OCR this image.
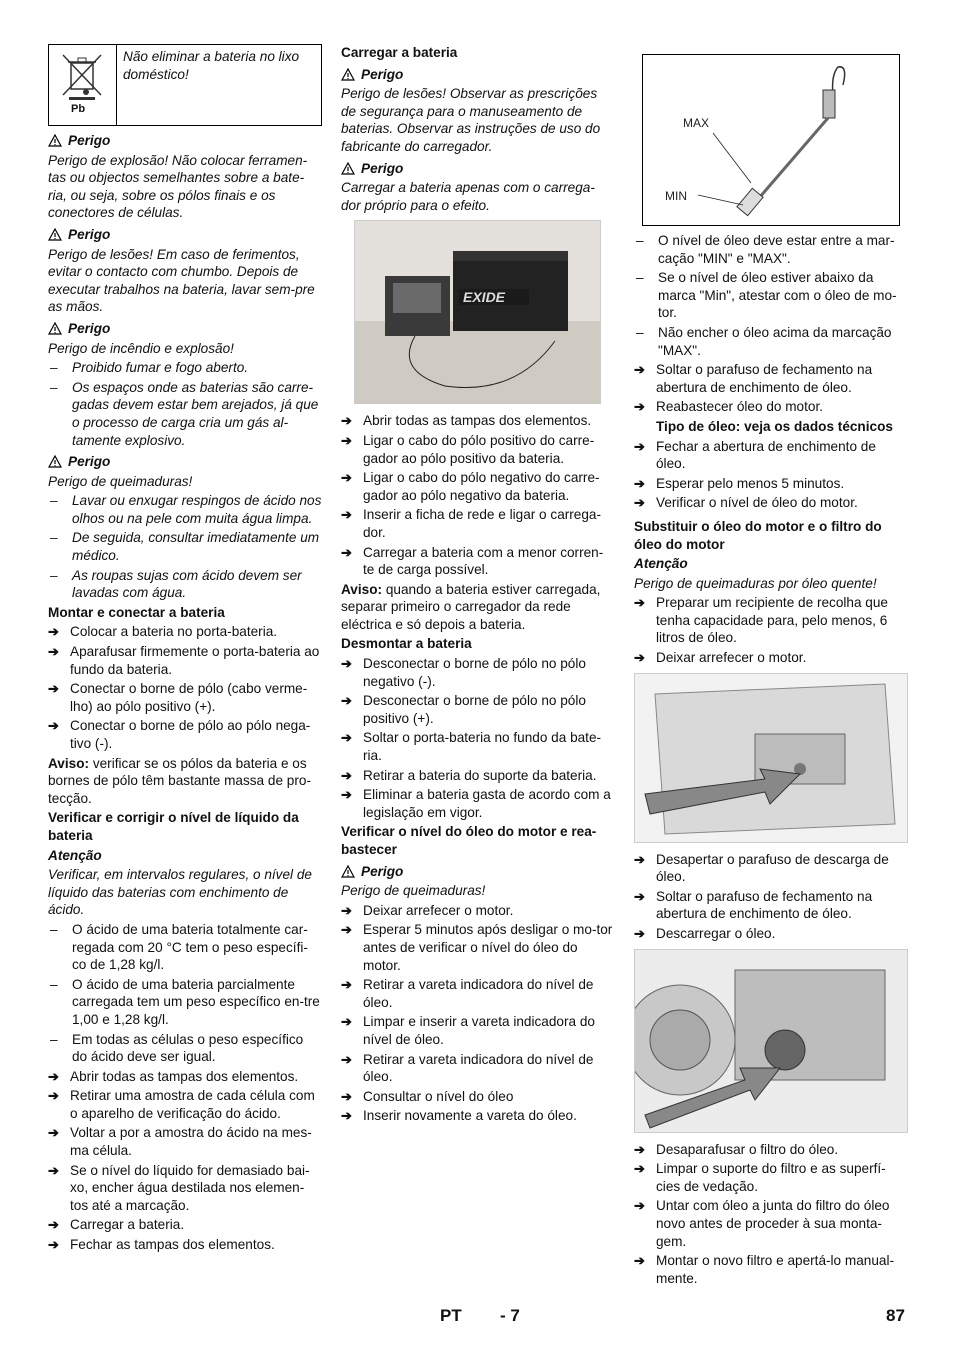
Pb
Não eliminar a bateria no lixo doméstico!
Perigo
Perigo de explosão! Não colocar ferramen-tas ou objectos semelhantes sobre a bate-ria, ou seja, sobre os pólos finais e os conectores de células.
Perigo
Perigo de lesões! Em caso de ferimentos, evitar o contacto com chumbo. Depois de executar trabalhos na bateria, lavar sem-pre as mãos.
Perigo
Perigo de incêndio e explosão!
–	Proibido fumar e fogo aberto.
–	Os espaços onde as baterias são carre-gadas devem estar bem arejados, já que o processo de carga cria um gás al-tamente explosivo.
Perigo
Perigo de queimaduras!
–	Lavar ou enxugar respingos de ácido nos olhos ou na pele com muita água limpa.
–	De seguida, consultar imediatamente um médico.
–	As roupas sujas com ácido devem ser lavadas com água.
Montar e conectar a bateria
➔ Colocar a bateria no porta-bateria.
➔ Aparafusar firmemente o porta-bateria ao fundo da bateria.
➔ Conectar o borne de pólo (cabo verme-lho) ao pólo positivo (+).
➔ Conectar o borne de pólo ao pólo nega-tivo (-).
Aviso: verificar se os pólos da bateria e os bornes de pólo têm bastante massa de pro-tecção.
Verificar e corrigir o nível de líquido da bateria
Atenção
Verificar, em intervalos regulares, o nível de líquido das baterias com enchimento de ácido.
–	O ácido de uma bateria totalmente car-regada com 20 °C tem o peso específi-co de 1,28 kg/l.
–	O ácido de uma bateria parcialmente carregada tem um peso específico en-tre 1,00 e 1,28 kg/l.
–	Em todas as células o peso específico do ácido deve ser igual.
➔ Abrir todas as tampas dos elementos.
➔ Retirar uma amostra de cada célula com o aparelho de verificação do ácido.
➔ Voltar a por a amostra do ácido na mes-ma célula.
➔ Se o nível do líquido for demasiado bai-xo, encher água destilada nos elemen-tos até a marcação.
➔ Carregar a bateria.
➔ Fechar as tampas dos elementos.
Carregar a bateria
Perigo
Perigo de lesões! Observar as prescrições de segurança para o manuseamento de baterias. Observar as instruções de uso do fabricante do carregador.
Perigo
Carregar a bateria apenas com o carrega-dor próprio para o efeito.
EXIDE
➔ Abrir todas as tampas dos elementos.
➔ Ligar o cabo do pólo positivo do carre-gador ao pólo positivo da bateria.
➔ Ligar o cabo do pólo negativo do carre-gador ao pólo negativo da bateria.
➔ Inserir a ficha de rede e ligar o carrega-dor.
➔ Carregar a bateria com a menor corren-te de carga possível.
Aviso: quando a bateria estiver carregada, separar primeiro o carregador da rede eléctrica e só depois a bateria.
Desmontar a bateria
➔ Desconectar o borne de pólo no pólo negativo (-).
➔ Desconectar o borne de pólo no pólo positivo (+).
➔ Soltar o porta-bateria no fundo da bate-ria.
➔ Retirar a bateria do suporte da bateria.
➔ Eliminar a bateria gasta de acordo com a legislação em vigor.
Verificar o nível do óleo do motor e rea-bastecer
Perigo
Perigo de queimaduras!
➔ Deixar arrefecer o motor.
➔ Esperar 5 minutos após desligar o mo-tor antes de verificar o nível do óleo do motor.
➔ Retirar a vareta indicadora do nível de óleo.
➔ Limpar e inserir a vareta indicadora do nível de óleo.
➔ Retirar a vareta indicadora do nível de óleo.
➔ Consultar o nível do óleo
➔ Inserir novamente a vareta do óleo.
MAX
MIN
–	O nível de óleo deve estar entre a mar-cação "MIN" e "MAX".
–	Se o nível de óleo estiver abaixo da marca "Min", atestar com o óleo de mo-tor.
–	Não encher o óleo acima da marcação "MAX".
➔ Soltar o parafuso de fechamento na abertura de enchimento de óleo.
➔ Reabastecer óleo do motor.
Tipo de óleo: veja os dados técnicos
➔ Fechar a abertura de enchimento de óleo.
➔ Esperar pelo menos 5 minutos.
➔ Verificar o nível de óleo do motor.
Substituir o óleo do motor e o filtro do óleo do motor
Atenção
Perigo de queimaduras por óleo quente!
➔ Preparar um recipiente de recolha que tenha capacidade para, pelo menos, 6 litros de óleo.
➔ Deixar arrefecer o motor.
➔ Desapertar o parafuso de descarga de óleo.
➔ Soltar o parafuso de fechamento na abertura de enchimento de óleo.
➔ Descarregar o óleo.
➔ Desaparafusar o filtro do óleo.
➔ Limpar o suporte do filtro e as superfí-cies de vedação.
➔ Untar com óleo a junta do filtro do óleo novo antes de proceder à sua monta-gem.
➔ Montar o novo filtro e apertá-lo manual-mente.
PT - 7	87
